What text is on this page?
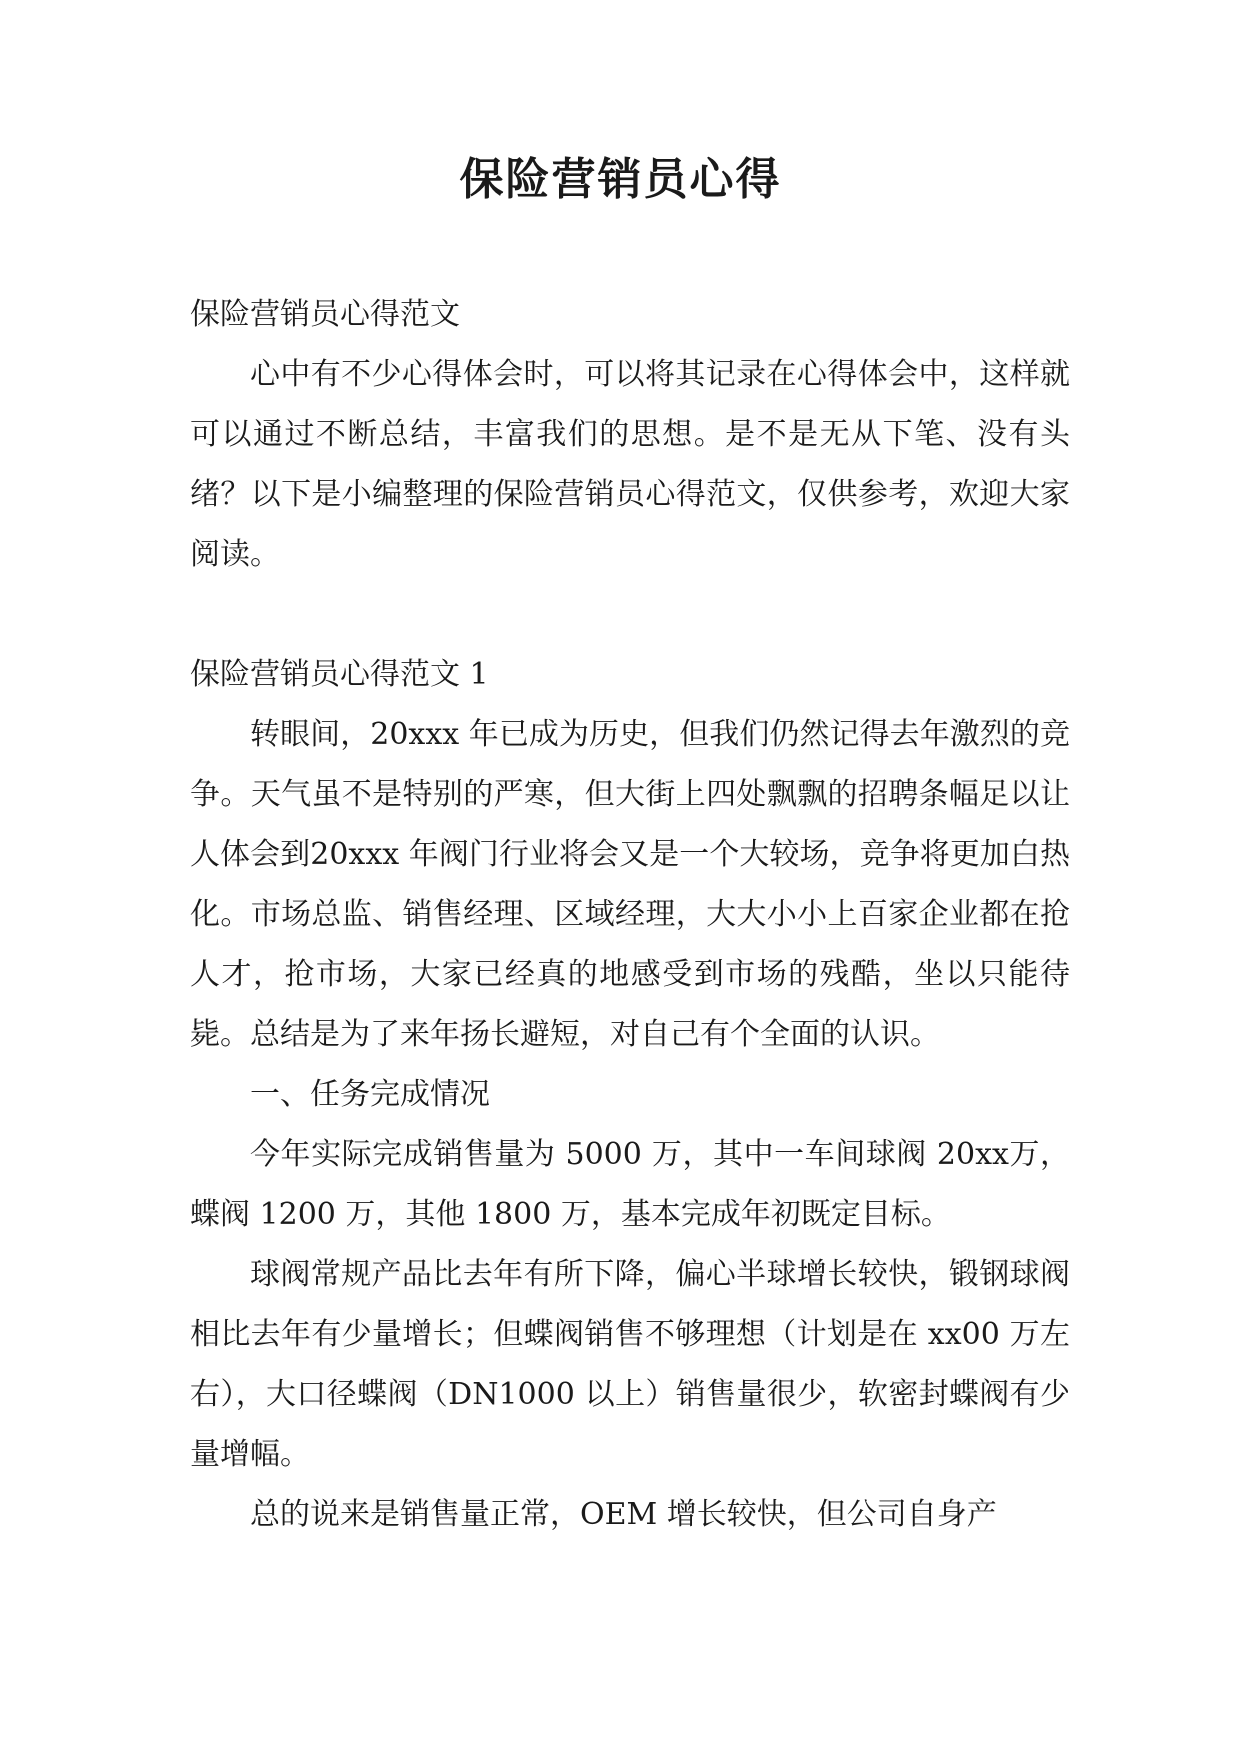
保险营销员心得

保险营销员心得范文

心中有不少心得体会时，可以将其记录在心得体会中，这样就可以通过不断总结，丰富我们的思想。是不是无从下笔、没有头绪？以下是小编整理的保险营销员心得范文，仅供参考，欢迎大家阅读。

保险营销员心得范文 1

转眼间，20xxx 年已成为历史，但我们仍然记得去年激烈的竞争。天气虽不是特别的严寒，但大街上四处飘飘的招聘条幅足以让人体会到20xxx 年阀门行业将会又是一个大较场，竞争将更加白热化。市场总监、销售经理、区域经理，大大小小上百家企业都在抢人才，抢市场，大家已经真的地感受到市场的残酷，坐以只能待毙。总结是为了来年扬长避短，对自己有个全面的认识。

一、任务完成情况

今年实际完成销售量为 5000 万，其中一车间球阀 20xx万，蝶阀 1200 万，其他 1800 万，基本完成年初既定目标。

球阀常规产品比去年有所下降，偏心半球增长较快，锻钢球阀相比去年有少量增长；但蝶阀销售不够理想（计划是在 xx00 万左右），大口径蝶阀（DN1000 以上）销售量很少，软密封蝶阀有少量增幅。

总的说来是销售量正常，OEM 增长较快，但公司自身产
